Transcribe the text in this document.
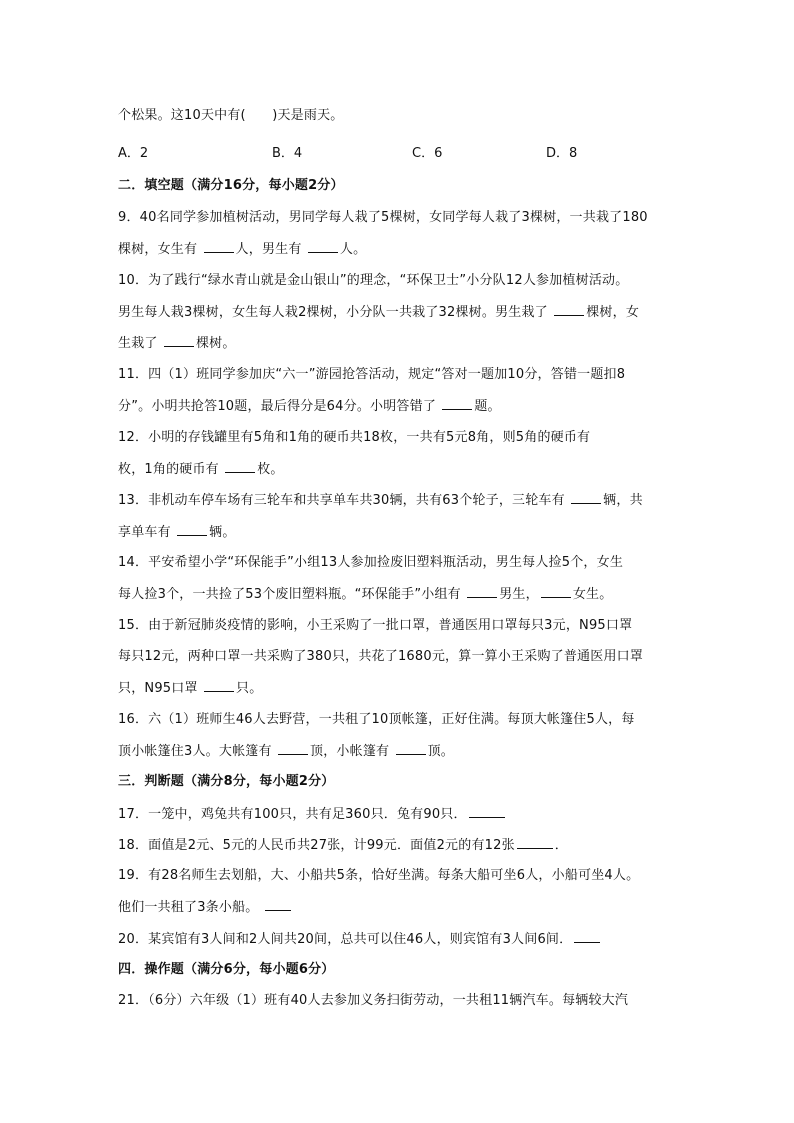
个松果。这10天中有(　　)天是雨天。
A．2	B．4	C．6	D．8
二．填空题（满分16分，每小题2分）
9．40名同学参加植树活动，男同学每人栽了5棵树，女同学每人栽了3棵树，一共栽了180
棵树，女生有	人，男生有	人。
10．为了践行“绿水青山就是金山银山”的理念，“环保卫士”小分队12人参加植树活动。
男生每人栽3棵树，女生每人栽2棵树，小分队一共栽了32棵树。男生栽了	棵树，女
生栽了	棵树。
11．四（1）班同学参加庆“六一”游园抢答活动，规定“答对一题加10分，答错一题扣8
分”。小明共抢答10题，最后得分是64分。小明答错了	题。
12．小明的存钱罐里有5角和1角的硬币共18枚，一共有5元8角，则5角的硬币有
枚，1角的硬币有	枚。
13．非机动车停车场有三轮车和共享单车共30辆，共有63个轮子，三轮车有	辆，共
享单车有	辆。
14．平安希望小学“环保能手”小组13人参加捡废旧塑料瓶活动，男生每人捡5个，女生
每人捡3个，一共捡了53个废旧塑料瓶。“环保能手”小组有	男生，	女生。
15．由于新冠肺炎疫情的影响，小王采购了一批口罩，普通医用口罩每只3元，N95口罩
每只12元，两种口罩一共采购了380只，共花了1680元，算一算小王采购了普通医用口罩
只，N95口罩	只。
16．六（1）班师生46人去野营，一共租了10顶帐篷，正好住满。每顶大帐篷住5人，每
顶小帐篷住3人。大帐篷有	顶，小帐篷有	顶。
三．判断题（满分8分，每小题2分）
17．一笼中，鸡兔共有100只，共有足360只．兔有90只．
18．面值是2元、5元的人民币共27张，计99元．面值2元的有12张	．
19．有28名师生去划船，大、小船共5条，恰好坐满。每条大船可坐6人，小船可坐4人。
他们一共租了3条小船。
20．某宾馆有3人间和2人间共20间，总共可以住46人，则宾馆有3人间6间．
四．操作题（满分6分，每小题6分）
21．（6分）六年级（1）班有40人去参加义务扫街劳动，一共租11辆汽车。每辆较大汽
